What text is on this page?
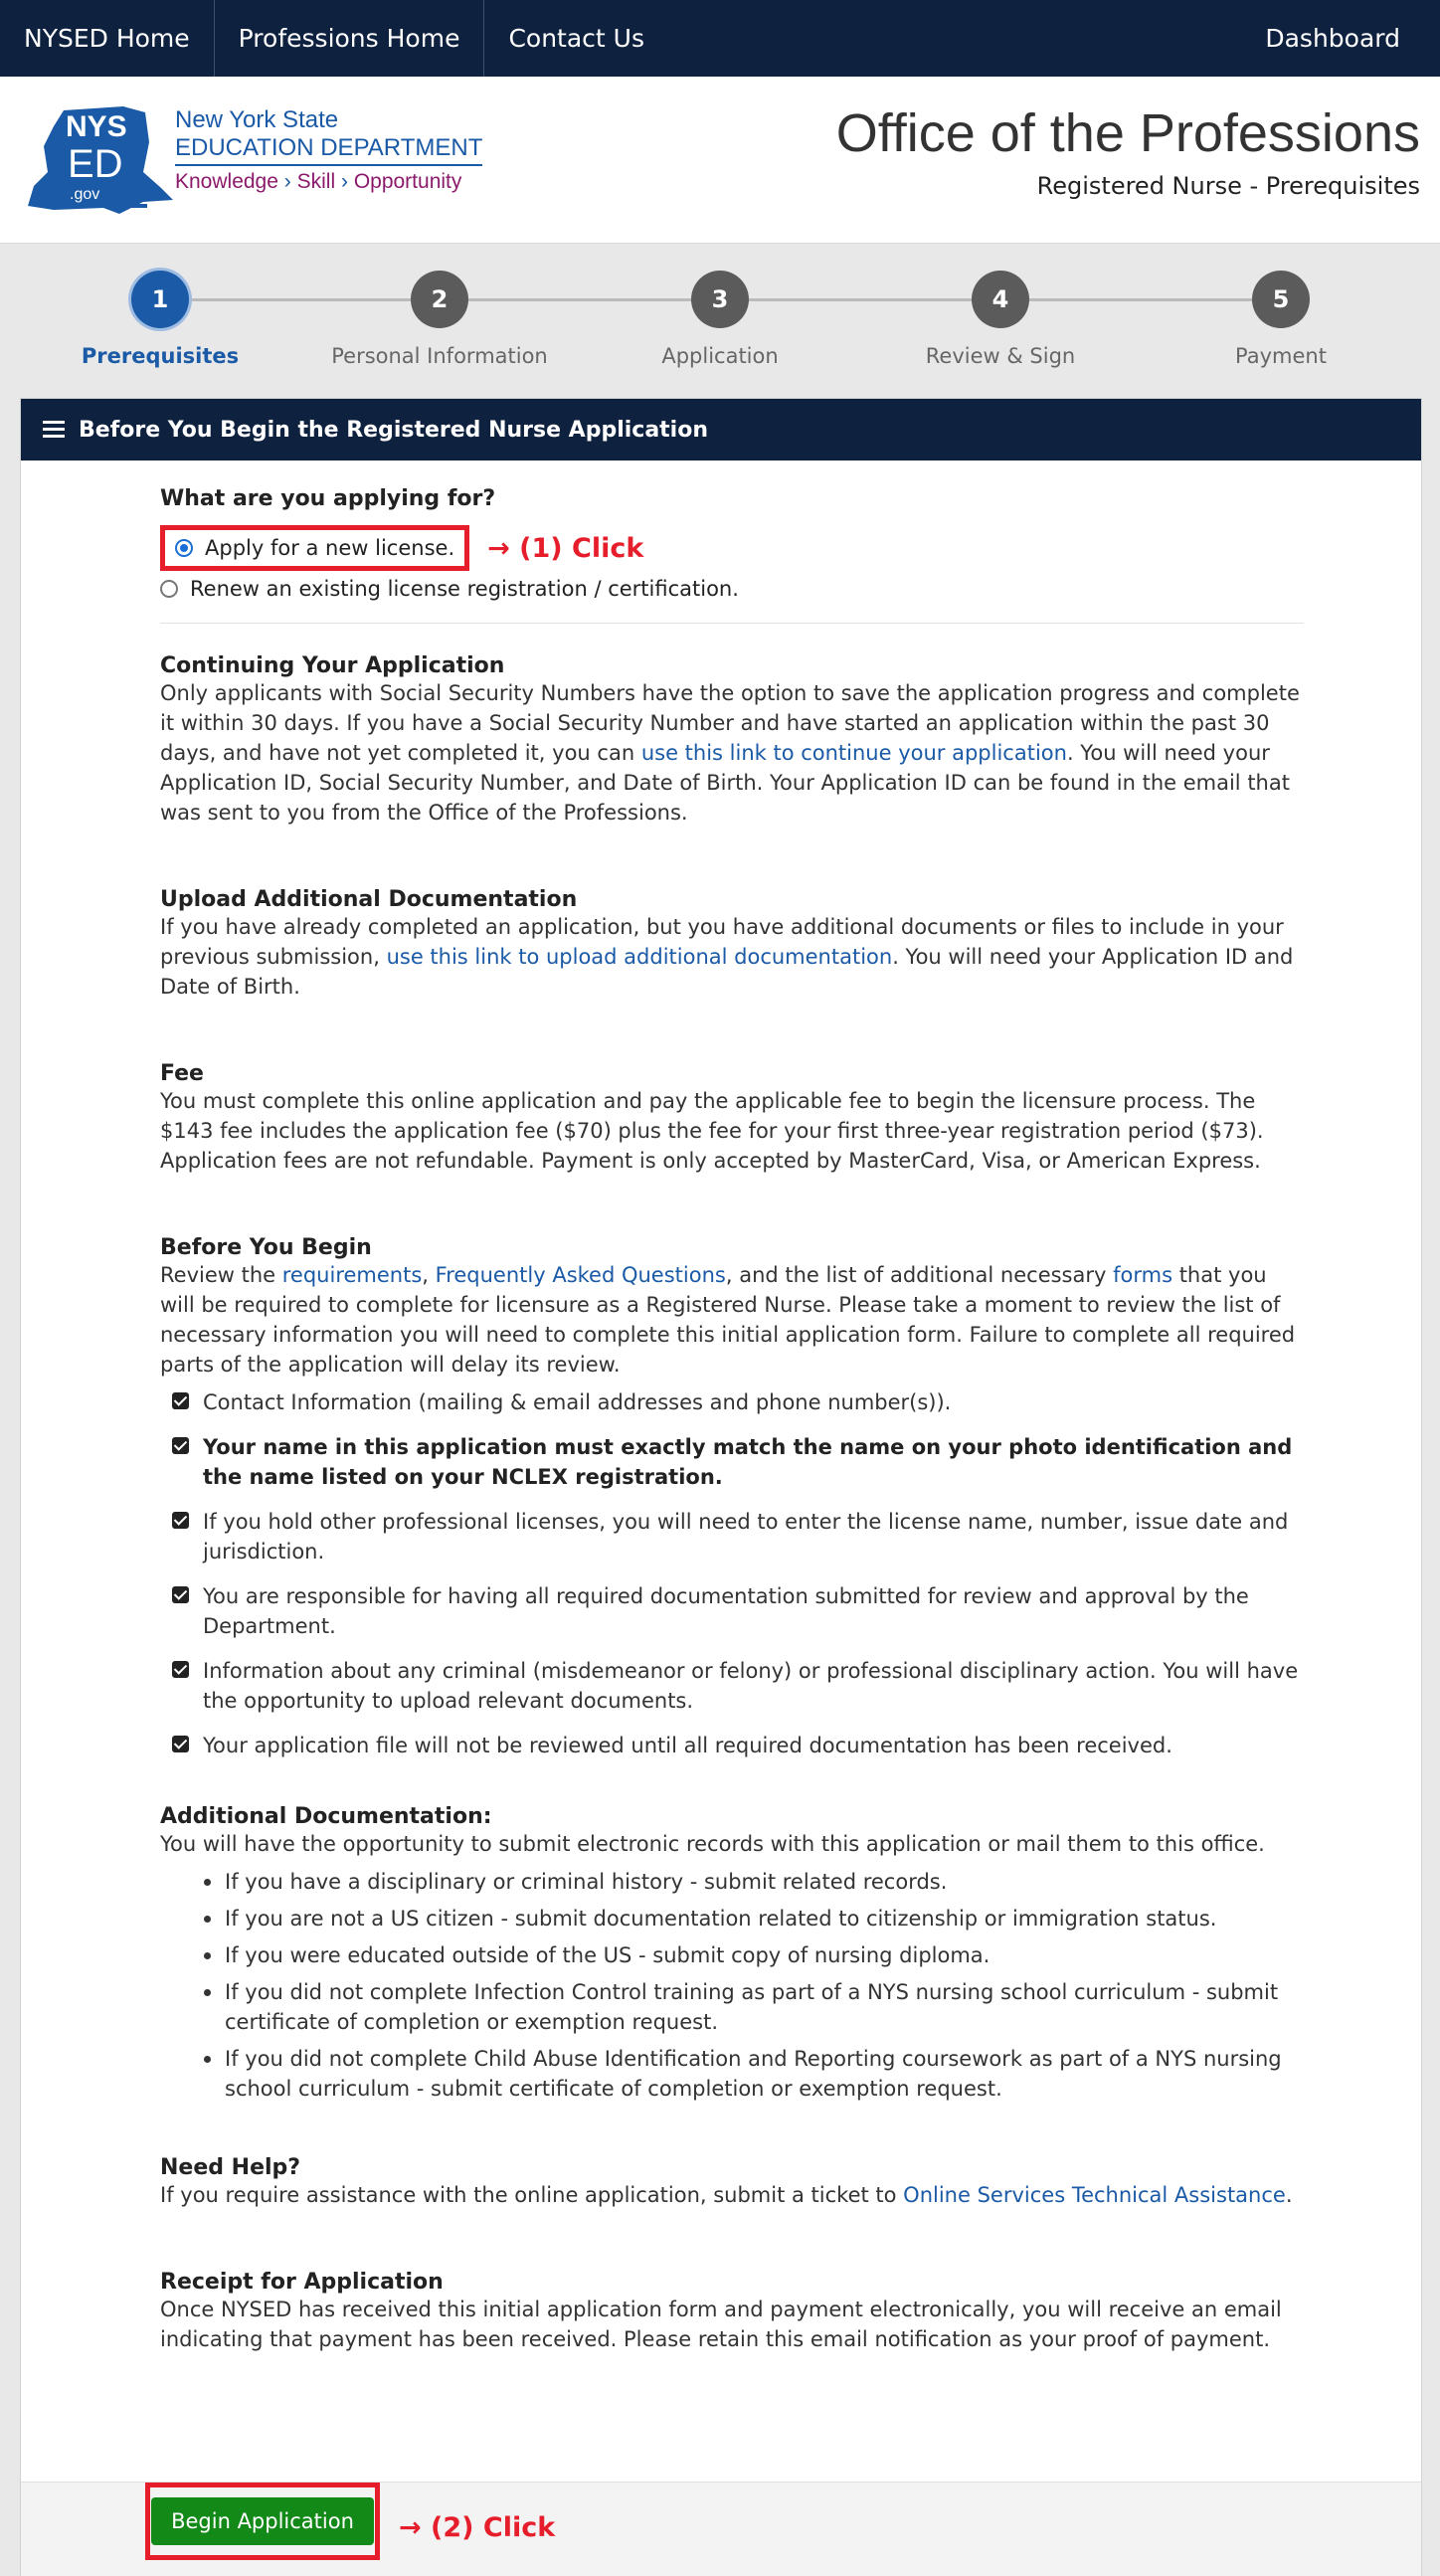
NYSED Home	Professions Home	Contact Us	Dashboard
NYS
ED
.gov
New York State
EDUCATION DEPARTMENT
Knowledge › Skill › Opportunity
Office of the Professions
Registered Nurse - Prerequisites
1
Prerequisites
2
Personal Information
3
Application
4
Review & Sign
5
Payment
Before You Begin the Registered Nurse Application
What are you applying for?
Apply for a new license. → (1) Click
Renew an existing license registration / certification.
Continuing Your Application
Only applicants with Social Security Numbers have the option to save the application progress and complete it within 30 days. If you have a Social Security Number and have started an application within the past 30 days, and have not yet completed it, you can use this link to continue your application. You will need your Application ID, Social Security Number, and Date of Birth. Your Application ID can be found in the email that was sent to you from the Office of the Professions.
Upload Additional Documentation
If you have already completed an application, but you have additional documents or files to include in your previous submission, use this link to upload additional documentation. You will need your Application ID and Date of Birth.
Fee
You must complete this online application and pay the applicable fee to begin the licensure process. The $143 fee includes the application fee ($70) plus the fee for your first three-year registration period ($73). Application fees are not refundable. Payment is only accepted by MasterCard, Visa, or American Express.
Before You Begin
Review the requirements, Frequently Asked Questions, and the list of additional necessary forms that you will be required to complete for licensure as a Registered Nurse. Please take a moment to review the list of necessary information you will need to complete this initial application form. Failure to complete all required parts of the application will delay its review.
Contact Information (mailing & email addresses and phone number(s)).
Your name in this application must exactly match the name on your photo identification and the name listed on your NCLEX registration.
If you hold other professional licenses, you will need to enter the license name, number, issue date and jurisdiction.
You are responsible for having all required documentation submitted for review and approval by the Department.
Information about any criminal (misdemeanor or felony) or professional disciplinary action. You will have the opportunity to upload relevant documents.
Your application file will not be reviewed until all required documentation has been received.
Additional Documentation:
You will have the opportunity to submit electronic records with this application or mail them to this office.
If you have a disciplinary or criminal history - submit related records.
If you are not a US citizen - submit documentation related to citizenship or immigration status.
If you were educated outside of the US - submit copy of nursing diploma.
If you did not complete Infection Control training as part of a NYS nursing school curriculum - submit certificate of completion or exemption request.
If you did not complete Child Abuse Identification and Reporting coursework as part of a NYS nursing school curriculum - submit certificate of completion or exemption request.
Need Help?
If you require assistance with the online application, submit a ticket to Online Services Technical Assistance.
Receipt for Application
Once NYSED has received this initial application form and payment electronically, you will receive an email indicating that payment has been received. Please retain this email notification as your proof of payment.
Begin Application	→ (2) Click
